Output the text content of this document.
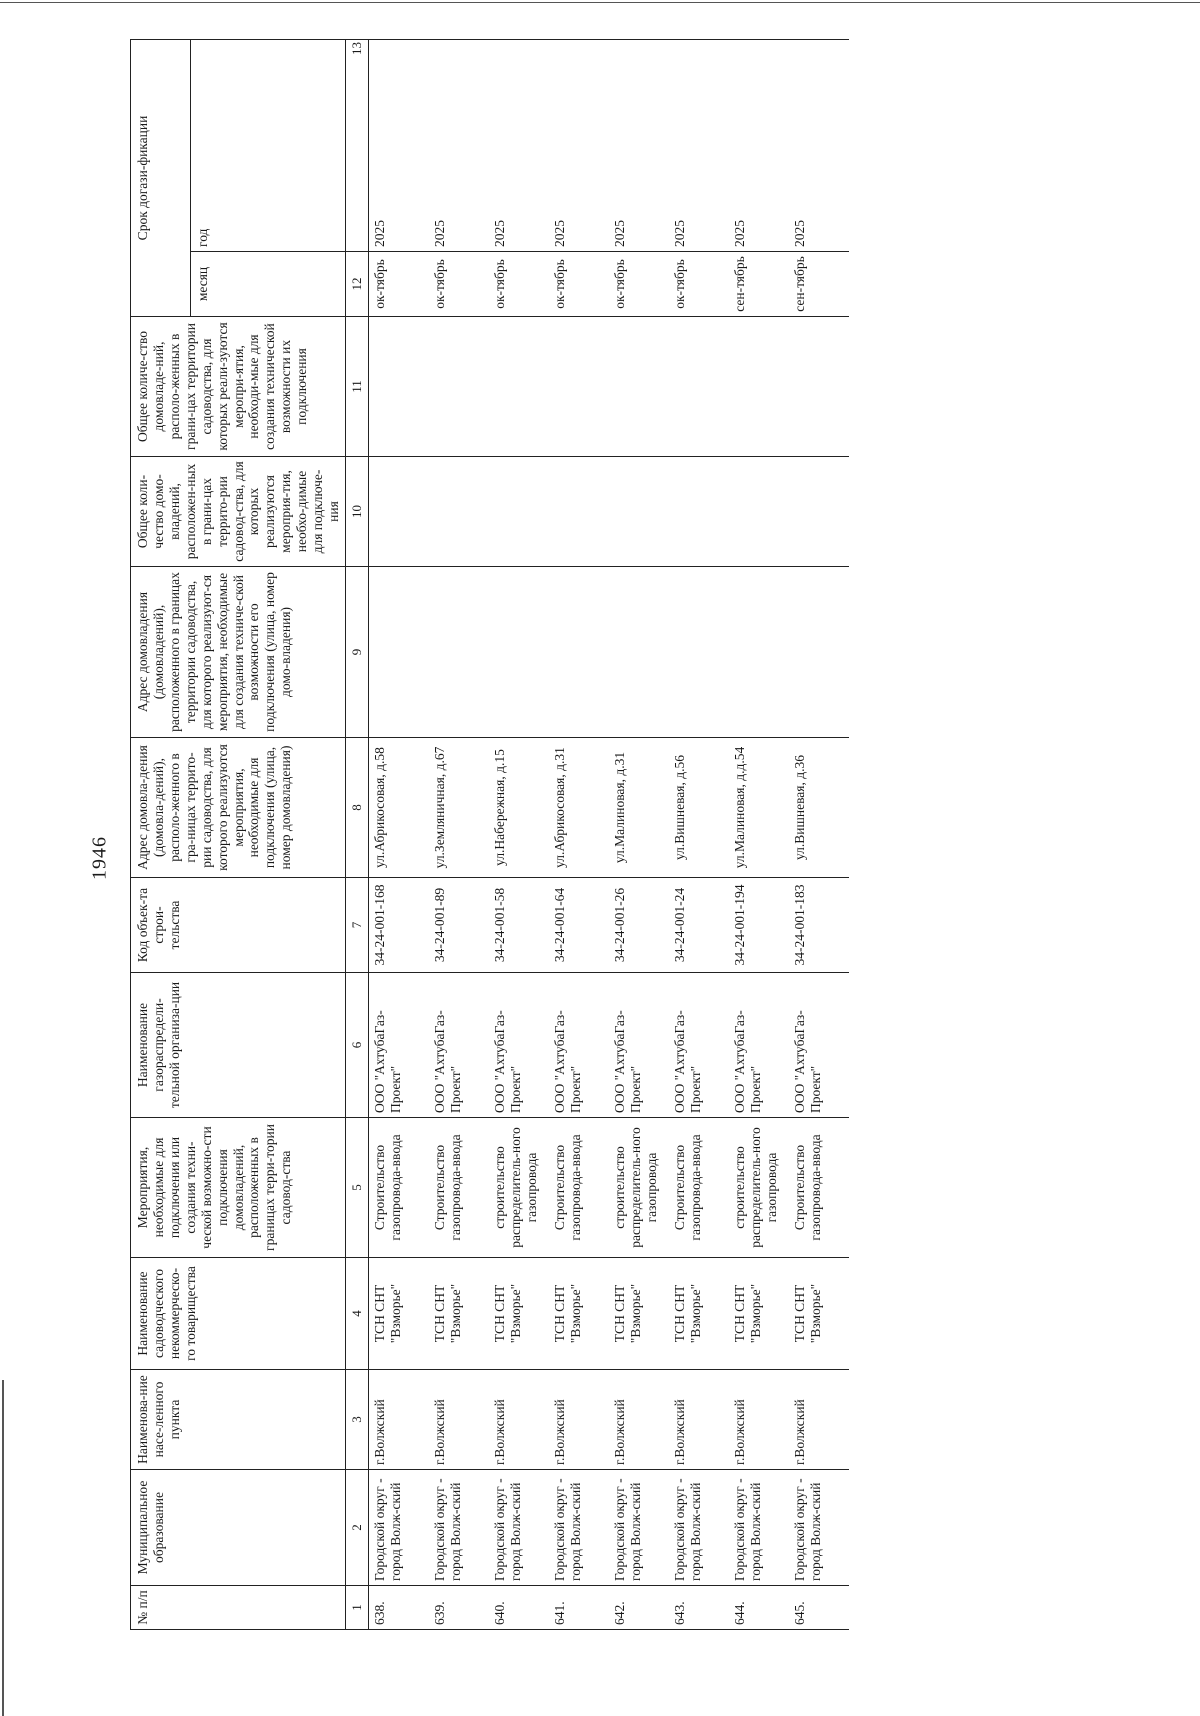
1946
№ п/п	Муниципальное образование	Наименова-ние насе-ленного пункта	Наименование садоводческого некоммерческо-го товарищества	Мероприятия, необходимые для подключения или создания техни-ческой возможно-сти подключения домовладений, расположенных в границах терри-тории садовод-ства	Наименование газораспредели-тельной организа-ции	Код объек-та строи-тельства	Адрес домовла-дения (домовла-дений), располо-женного в гра-ницах террито-рии садоводства, для которого реализуются мероприятия, необходимые для подключения (улица, номер домовладения)	Адрес домовладения (домовладений), расположенного в границах территории садоводства, для которого реализуют-ся мероприятия, необходимые для создания техниче-ской возможности его подключения (улица, номер домо-владения)	Общее коли-чество домо-владений, расположен-ных в грани-цах террито-рии садовод-ства, для которых реализуются мероприя-тия, необхо-димые для подключе-ния	Общее количе-ство домовладе-ний, располо-женных в грани-цах территории садоводства, для которых реали-зуются меропри-ятия, необходи-мые для создания технической возможности их подключения	Срок догази-фикации	
											месяц	год
1	2	3	4	5	6	7	8	9	10	11	12	13
638.	Городской округ - город Волж-ский	г.Волжский	ТСН СНТ "Взморье"	Строительство газопровода-ввода	ООО "АхтубаГаз-Проект"	34-24-001-168	ул.Абрикосовая, д.58				ок-тябрь	2025
639.	Городской округ - город Волж-ский	г.Волжский	ТСН СНТ "Взморье"	Строительство газопровода-ввода	ООО "АхтубаГаз-Проект"	34-24-001-89	ул.Земляничная, д.67				ок-тябрь	2025
640.	Городской округ - город Волж-ский	г.Волжский	ТСН СНТ "Взморье"	строительство распределитель-ного газопровода	ООО "АхтубаГаз-Проект"	34-24-001-58	ул.Набережная, д.15				ок-тябрь	2025
641.	Городской округ - город Волж-ский	г.Волжский	ТСН СНТ "Взморье"	Строительство газопровода-ввода	ООО "АхтубаГаз-Проект"	34-24-001-64	ул.Абрикосовая, д.31				ок-тябрь	2025
642.	Городской округ - город Волж-ский	г.Волжский	ТСН СНТ "Взморье"	строительство распределитель-ного газопровода	ООО "АхтубаГаз-Проект"	34-24-001-26	ул.Малиновая, д.31				ок-тябрь	2025
643.	Городской округ - город Волж-ский	г.Волжский	ТСН СНТ "Взморье"	Строительство газопровода-ввода	ООО "АхтубаГаз-Проект"	34-24-001-24	ул.Вишневая, д.56				ок-тябрь	2025
644.	Городской округ - город Волж-ский	г.Волжский	ТСН СНТ "Взморье"	строительство распределитель-ного газопровода	ООО "АхтубаГаз-Проект"	34-24-001-194	ул.Малиновая, д.д.54				сен-тябрь	2025
645.	Городской округ - город Волж-ский	г.Волжский	ТСН СНТ "Взморье"	Строительство газопровода-ввода	ООО "АхтубаГаз-Проект"	34-24-001-183	ул.Вишневая, д.36				сен-тябрь	2025
